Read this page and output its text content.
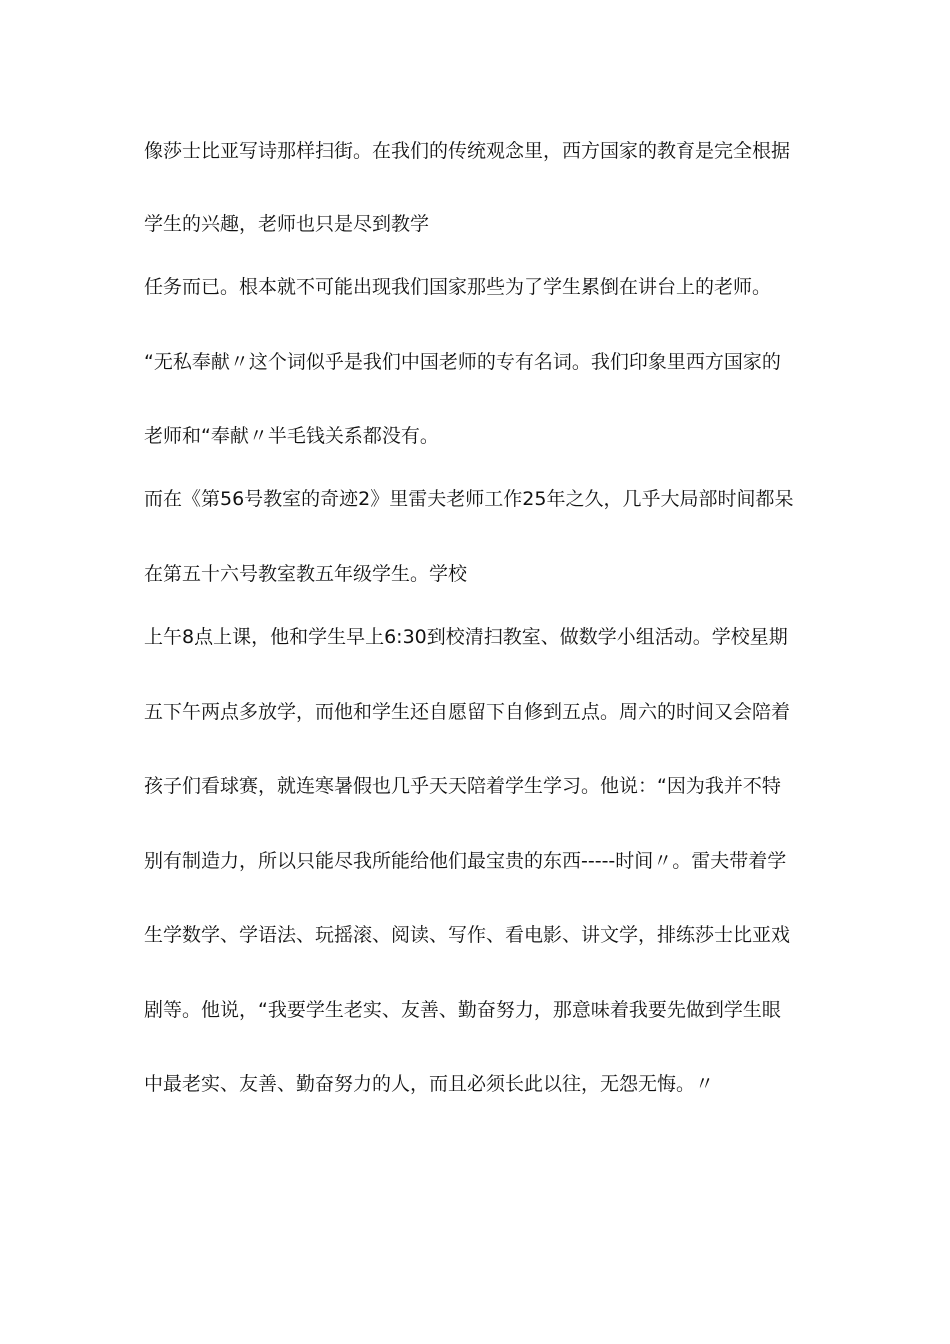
像莎士比亚写诗那样扫街。在我们的传统观念里，西方国家的教育是完全根据
学生的兴趣，老师也只是尽到教学
任务而已。根本就不可能出现我们国家那些为了学生累倒在讲台上的老师。
“无私奉献〃这个词似乎是我们中国老师的专有名词。我们印象里西方国家的
老师和“奉献〃半毛钱关系都没有。
而在《第56号教室的奇迹2》里雷夫老师工作25年之久，几乎大局部时间都呆
在第五十六号教室教五年级学生。学校
上午8点上课，他和学生早上6:30到校清扫教室、做数学小组活动。学校星期
五下午两点多放学，而他和学生还自愿留下自修到五点。周六的时间又会陪着
孩子们看球赛，就连寒暑假也几乎天天陪着学生学习。他说：“因为我并不特
别有制造力，所以只能尽我所能给他们最宝贵的东西-----时间〃。雷夫带着学
生学数学、学语法、玩摇滚、阅读、写作、看电影、讲文学，排练莎士比亚戏
剧等。他说，“我要学生老实、友善、勤奋努力，那意味着我要先做到学生眼
中最老实、友善、勤奋努力的人，而且必须长此以往，无怨无悔。〃
